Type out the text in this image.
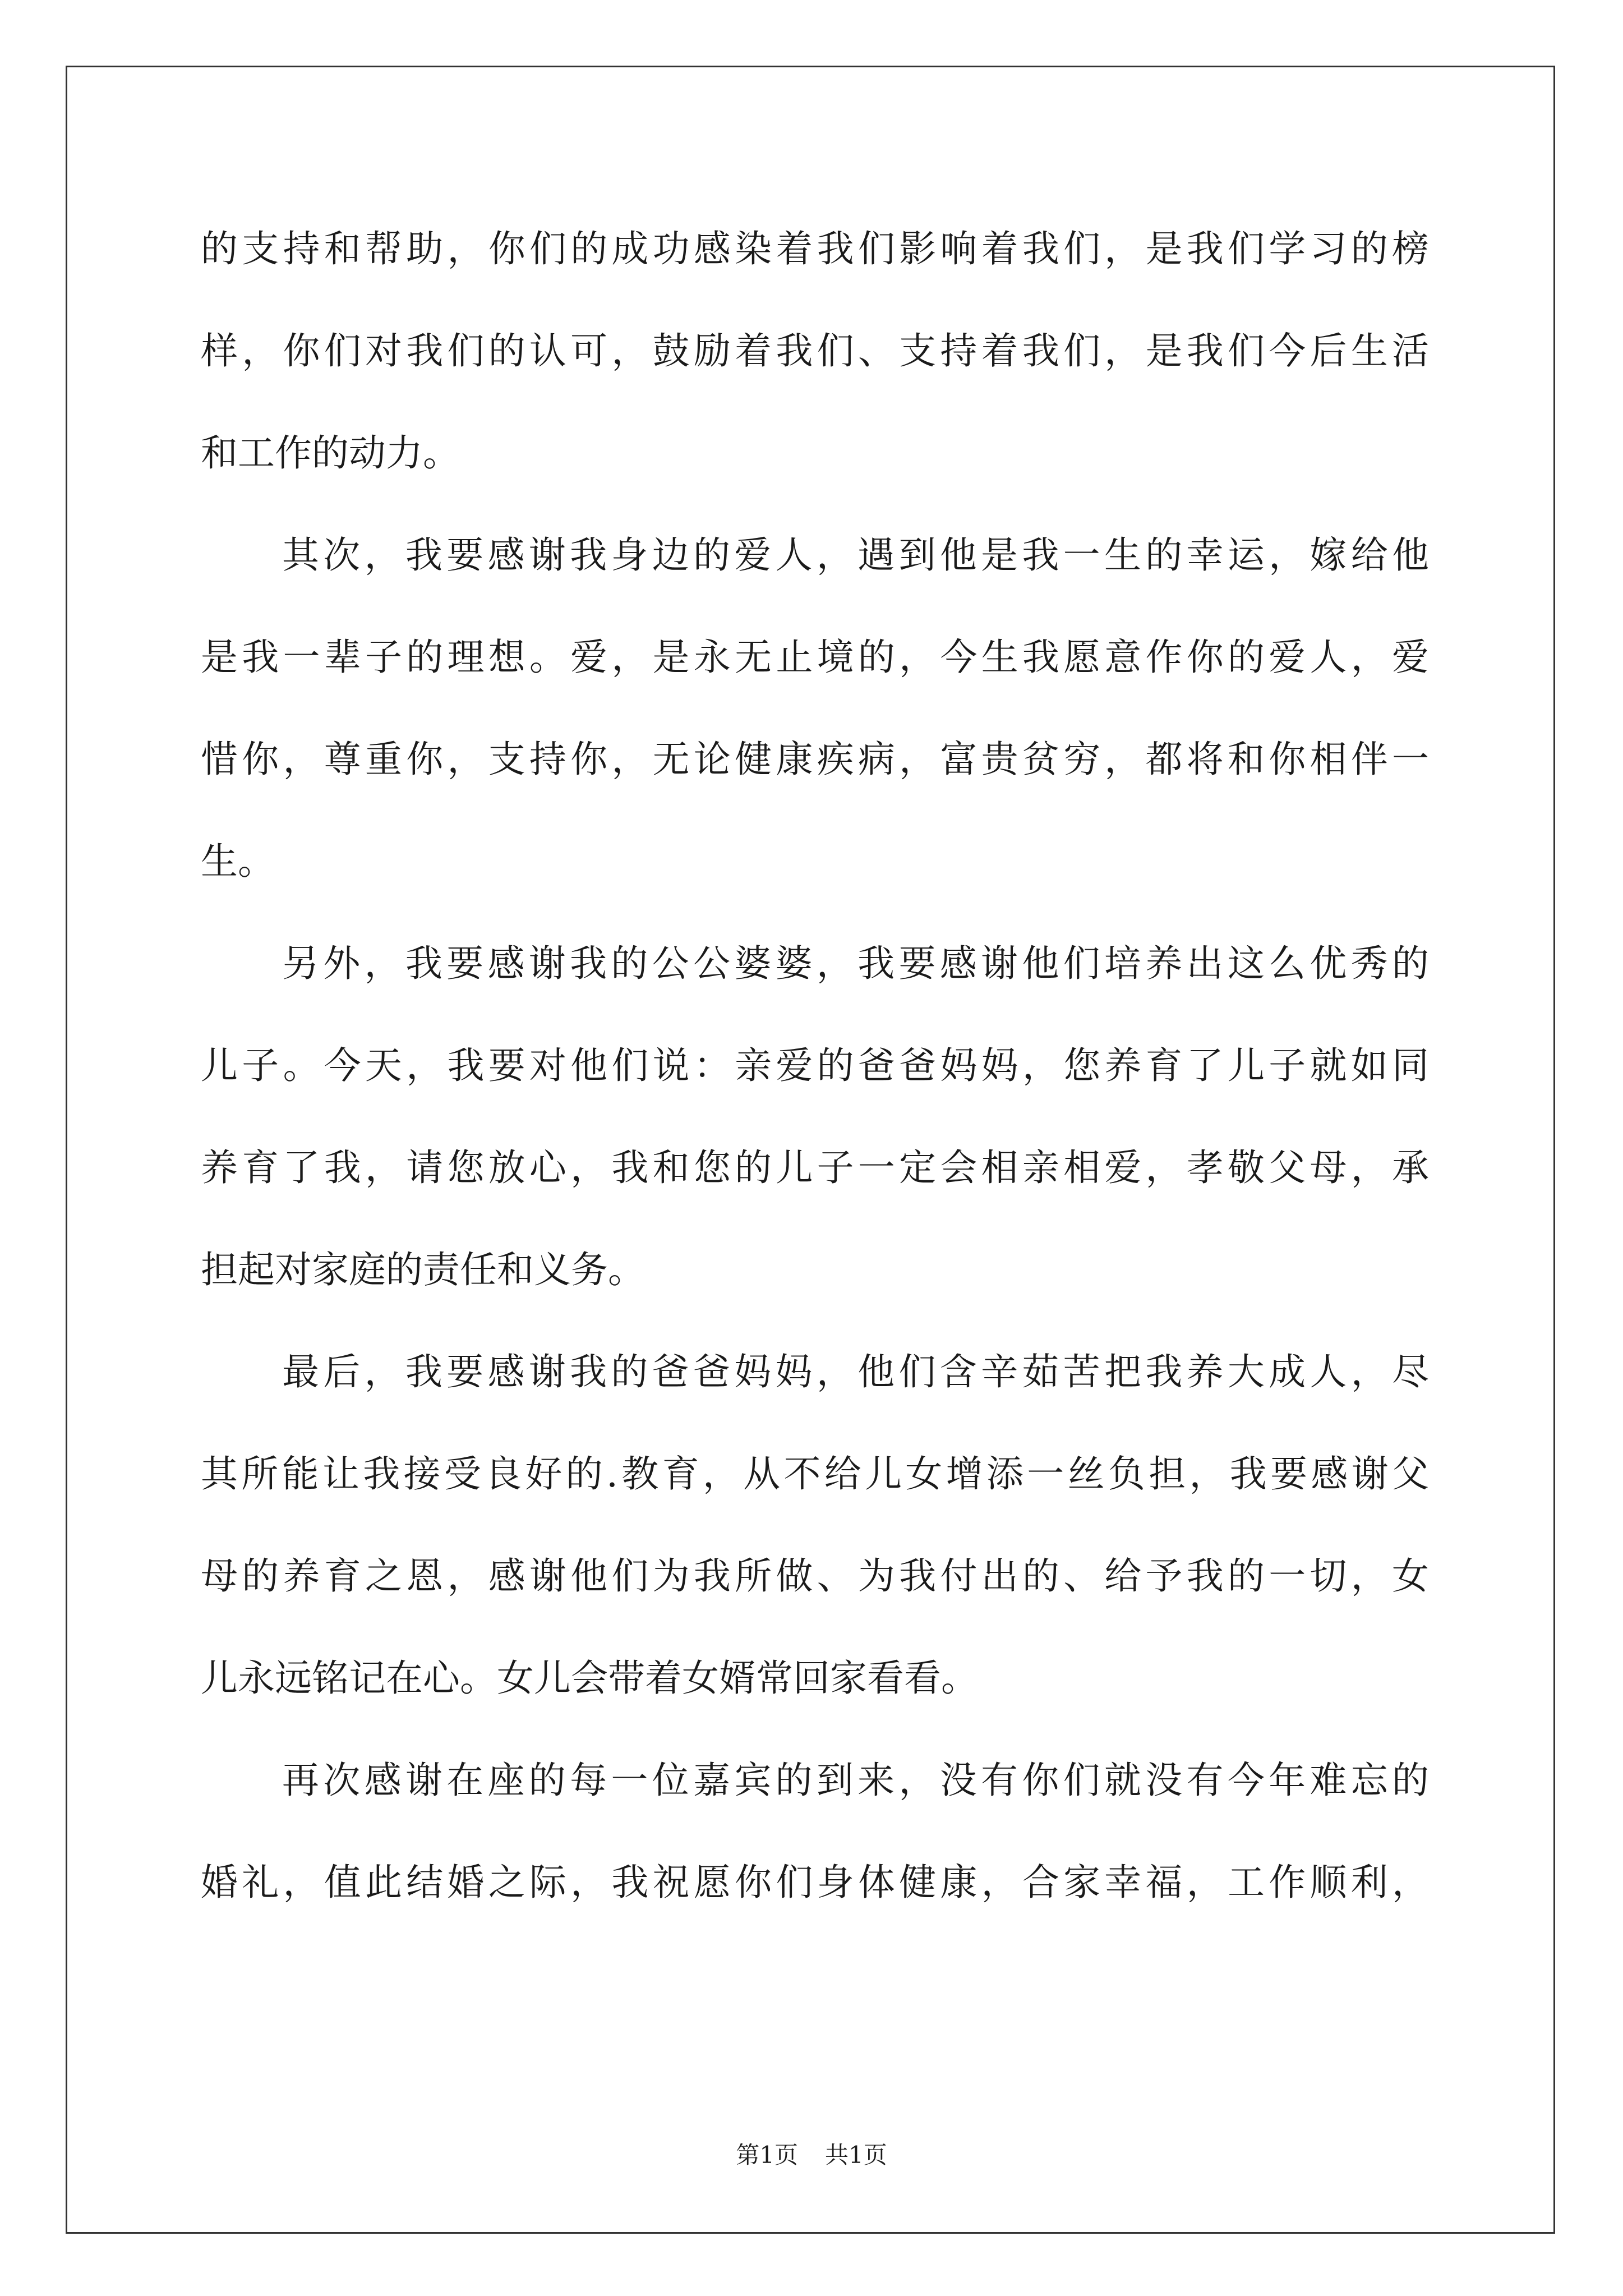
的支持和帮助，你们的成功感染着我们影响着我们，是我们学习的榜
样，你们对我们的认可，鼓励着我们、支持着我们，是我们今后生活
和工作的动力。
其次，我要感谢我身边的爱人，遇到他是我一生的幸运，嫁给他
是我一辈子的理想。爱，是永无止境的，今生我愿意作你的爱人，爱
惜你，尊重你，支持你，无论健康疾病，富贵贫穷，都将和你相伴一
生。
另外，我要感谢我的公公婆婆，我要感谢他们培养出这么优秀的
儿子。今天，我要对他们说：亲爱的爸爸妈妈，您养育了儿子就如同
养育了我，请您放心，我和您的儿子一定会相亲相爱，孝敬父母，承
担起对家庭的责任和义务。
最后，我要感谢我的爸爸妈妈，他们含辛茹苦把我养大成人，尽
其所能让我接受良好的.教育，从不给儿女增添一丝负担，我要感谢父
母的养育之恩，感谢他们为我所做、为我付出的、给予我的一切，女
儿永远铭记在心。女儿会带着女婿常回家看看。
再次感谢在座的每一位嘉宾的到来，没有你们就没有今年难忘的
婚礼，值此结婚之际，我祝愿你们身体健康，合家幸福，工作顺利，
第1页 共1页
